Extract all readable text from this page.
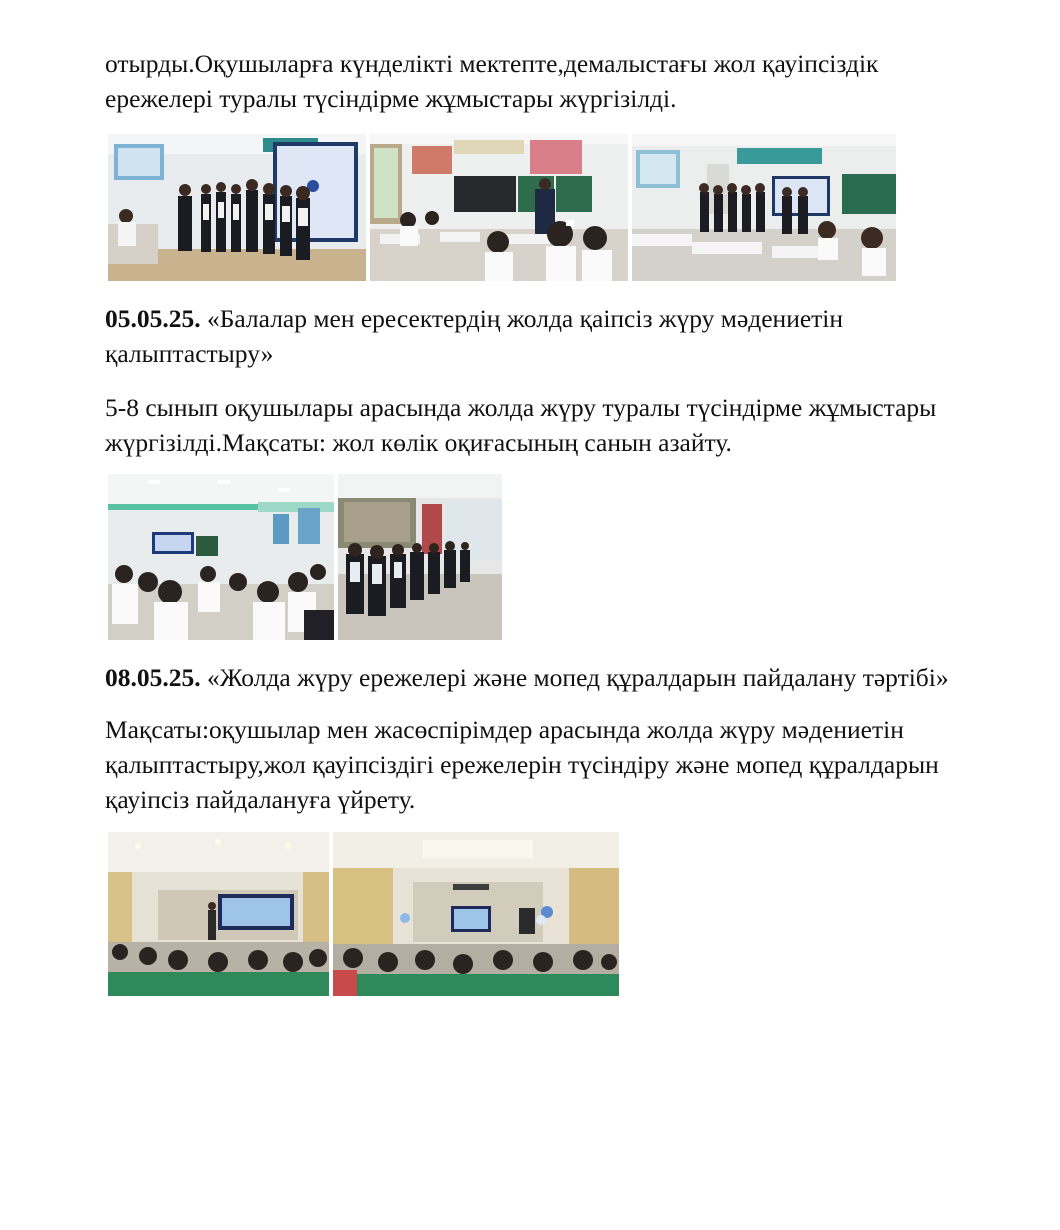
отырды.Оқушыларға күнделікті мектепте,демалыстағы жол қауіпсіздік
ережелері туралы түсіндірме жұмыстары жүргізілді.

05.05.25. «Балалар мен ересектердің жолда қаіпсіз жүру мәдениетін
қалыптастыру»

5-8 сынып оқушылары арасында жолда жүру туралы түсіндірме жұмыстары
жүргізілді.Мақсаты: жол көлік оқиғасының санын азайту.

08.05.25. «Жолда жүру ережелері және мопед құралдарын пайдалану тәртібі»

Мақсаты:оқушылар мен жасөспірімдер арасында жолда жүру мәдениетін
қалыптастыру,жол қауіпсіздігі ережелерін түсіндіру және мопед құралдарын
қауіпсіз пайдалануға үйрету.
